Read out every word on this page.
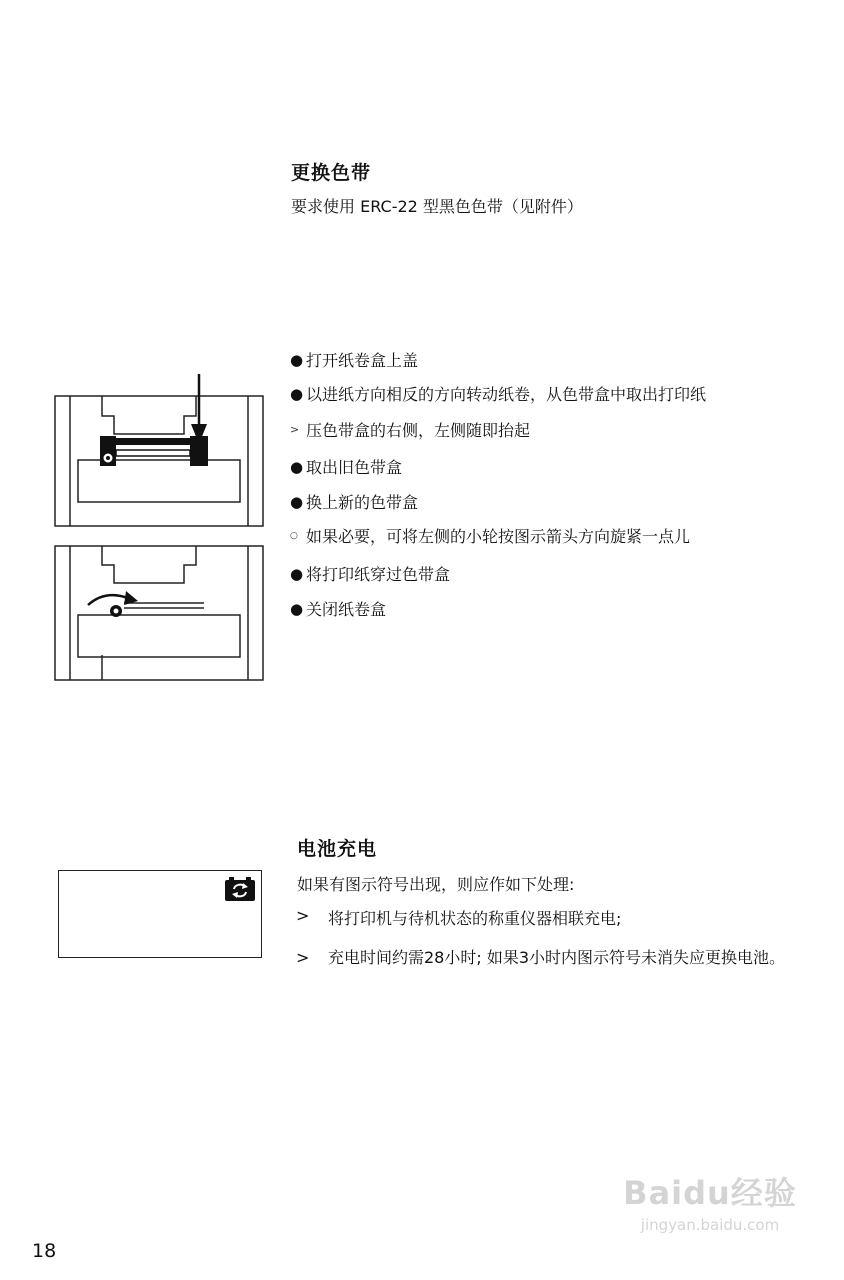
更换色带
要求使用 ERC-22 型黑色色带（见附件）
● 打开纸卷盒上盖
● 以进纸方向相反的方向转动纸卷，从色带盒中取出打印纸
> 压色带盒的右侧，左侧随即抬起
● 取出旧色带盒
● 换上新的色带盒
○ 如果必要，可将左侧的小轮按图示箭头方向旋紧一点儿
● 将打印纸穿过色带盒
● 关闭纸卷盒
电池充电
如果有图示符号出现，则应作如下处理:
>	将打印机与待机状态的称重仪器相联充电;
>	充电时间约需28小时; 如果3小时内图示符号未消失应更换电池。
18
Baidu经验
jingyan.baidu.com
